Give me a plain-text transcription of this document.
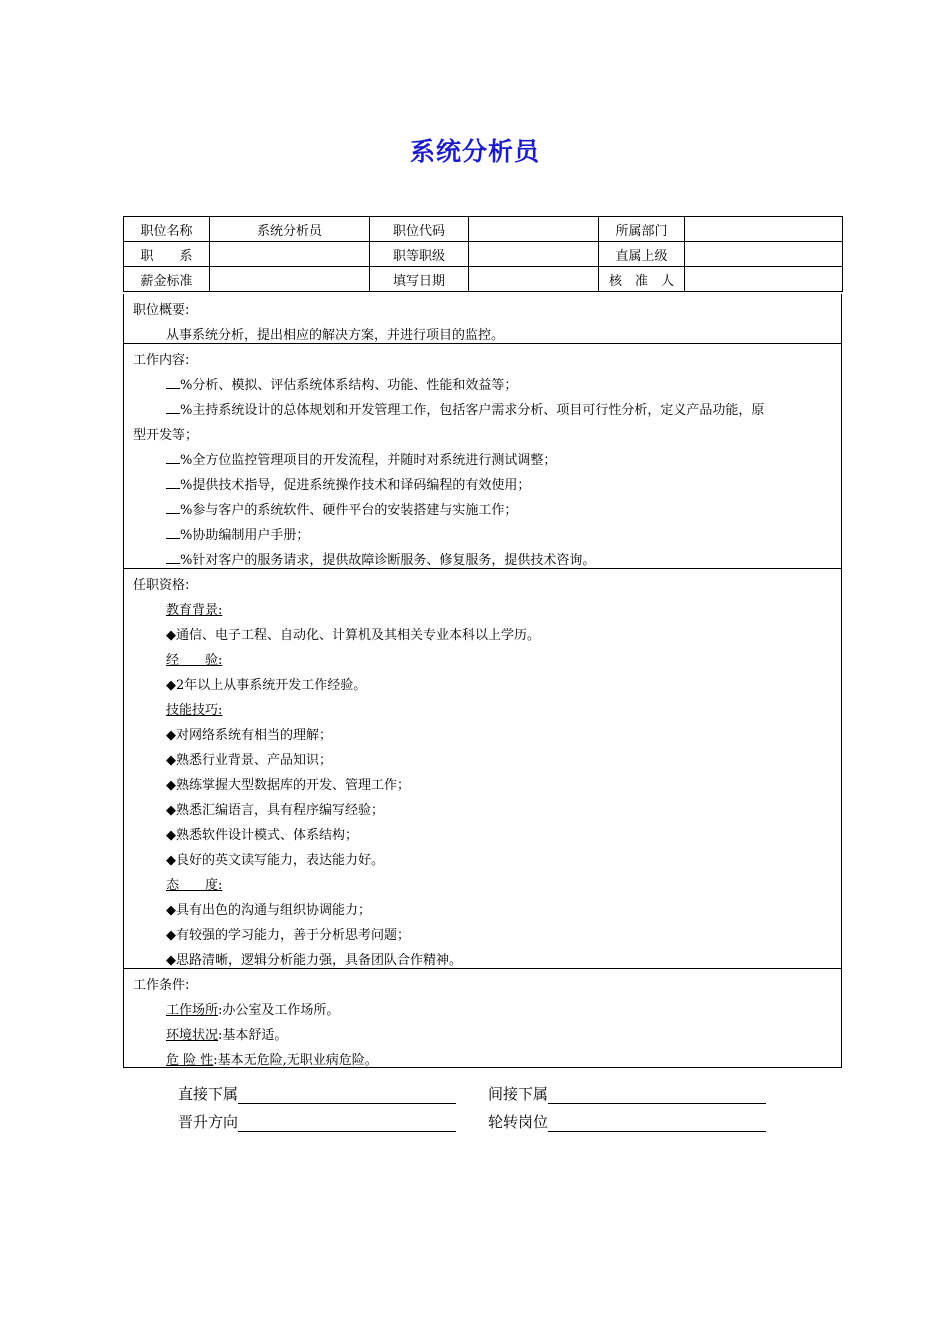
系统分析员
职位名称	系统分析员	职位代码		所属部门	
职　　系		职等职级		直属上级	
薪金标准		填写日期		核　准　人	
职位概要:
从事系统分析，提出相应的解决方案，并进行项目的监控。
工作内容:
%分析、模拟、评估系统体系结构、功能、性能和效益等；
%主持系统设计的总体规划和开发管理工作，包括客户需求分析、项目可行性分析，定义产品功能，原
型开发等；
%全方位监控管理项目的开发流程，并随时对系统进行测试调整；
%提供技术指导，促进系统操作技术和译码编程的有效使用；
%参与客户的系统软件、硬件平台的安装搭建与实施工作；
%协助编制用户手册；
%针对客户的服务请求，提供故障诊断服务、修复服务，提供技术咨询。
任职资格:
教育背景:
◆通信、电子工程、自动化、计算机及其相关专业本科以上学历。
经　　验:
◆2年以上从事系统开发工作经验。
技能技巧:
◆对网络系统有相当的理解；
◆熟悉行业背景、产品知识；
◆熟练掌握大型数据库的开发、管理工作；
◆熟悉汇编语言，具有程序编写经验；
◆熟悉软件设计模式、体系结构；
◆良好的英文读写能力，表达能力好。
态　　度:
◆具有出色的沟通与组织协调能力；
◆有较强的学习能力，善于分析思考问题；
◆思路清晰，逻辑分析能力强，具备团队合作精神。
工作条件:
工作场所:办公室及工作场所。
环境状况:基本舒适。
危 险 性:基本无危险,无职业病危险。
直接下属	间接下属
晋升方向	轮转岗位
